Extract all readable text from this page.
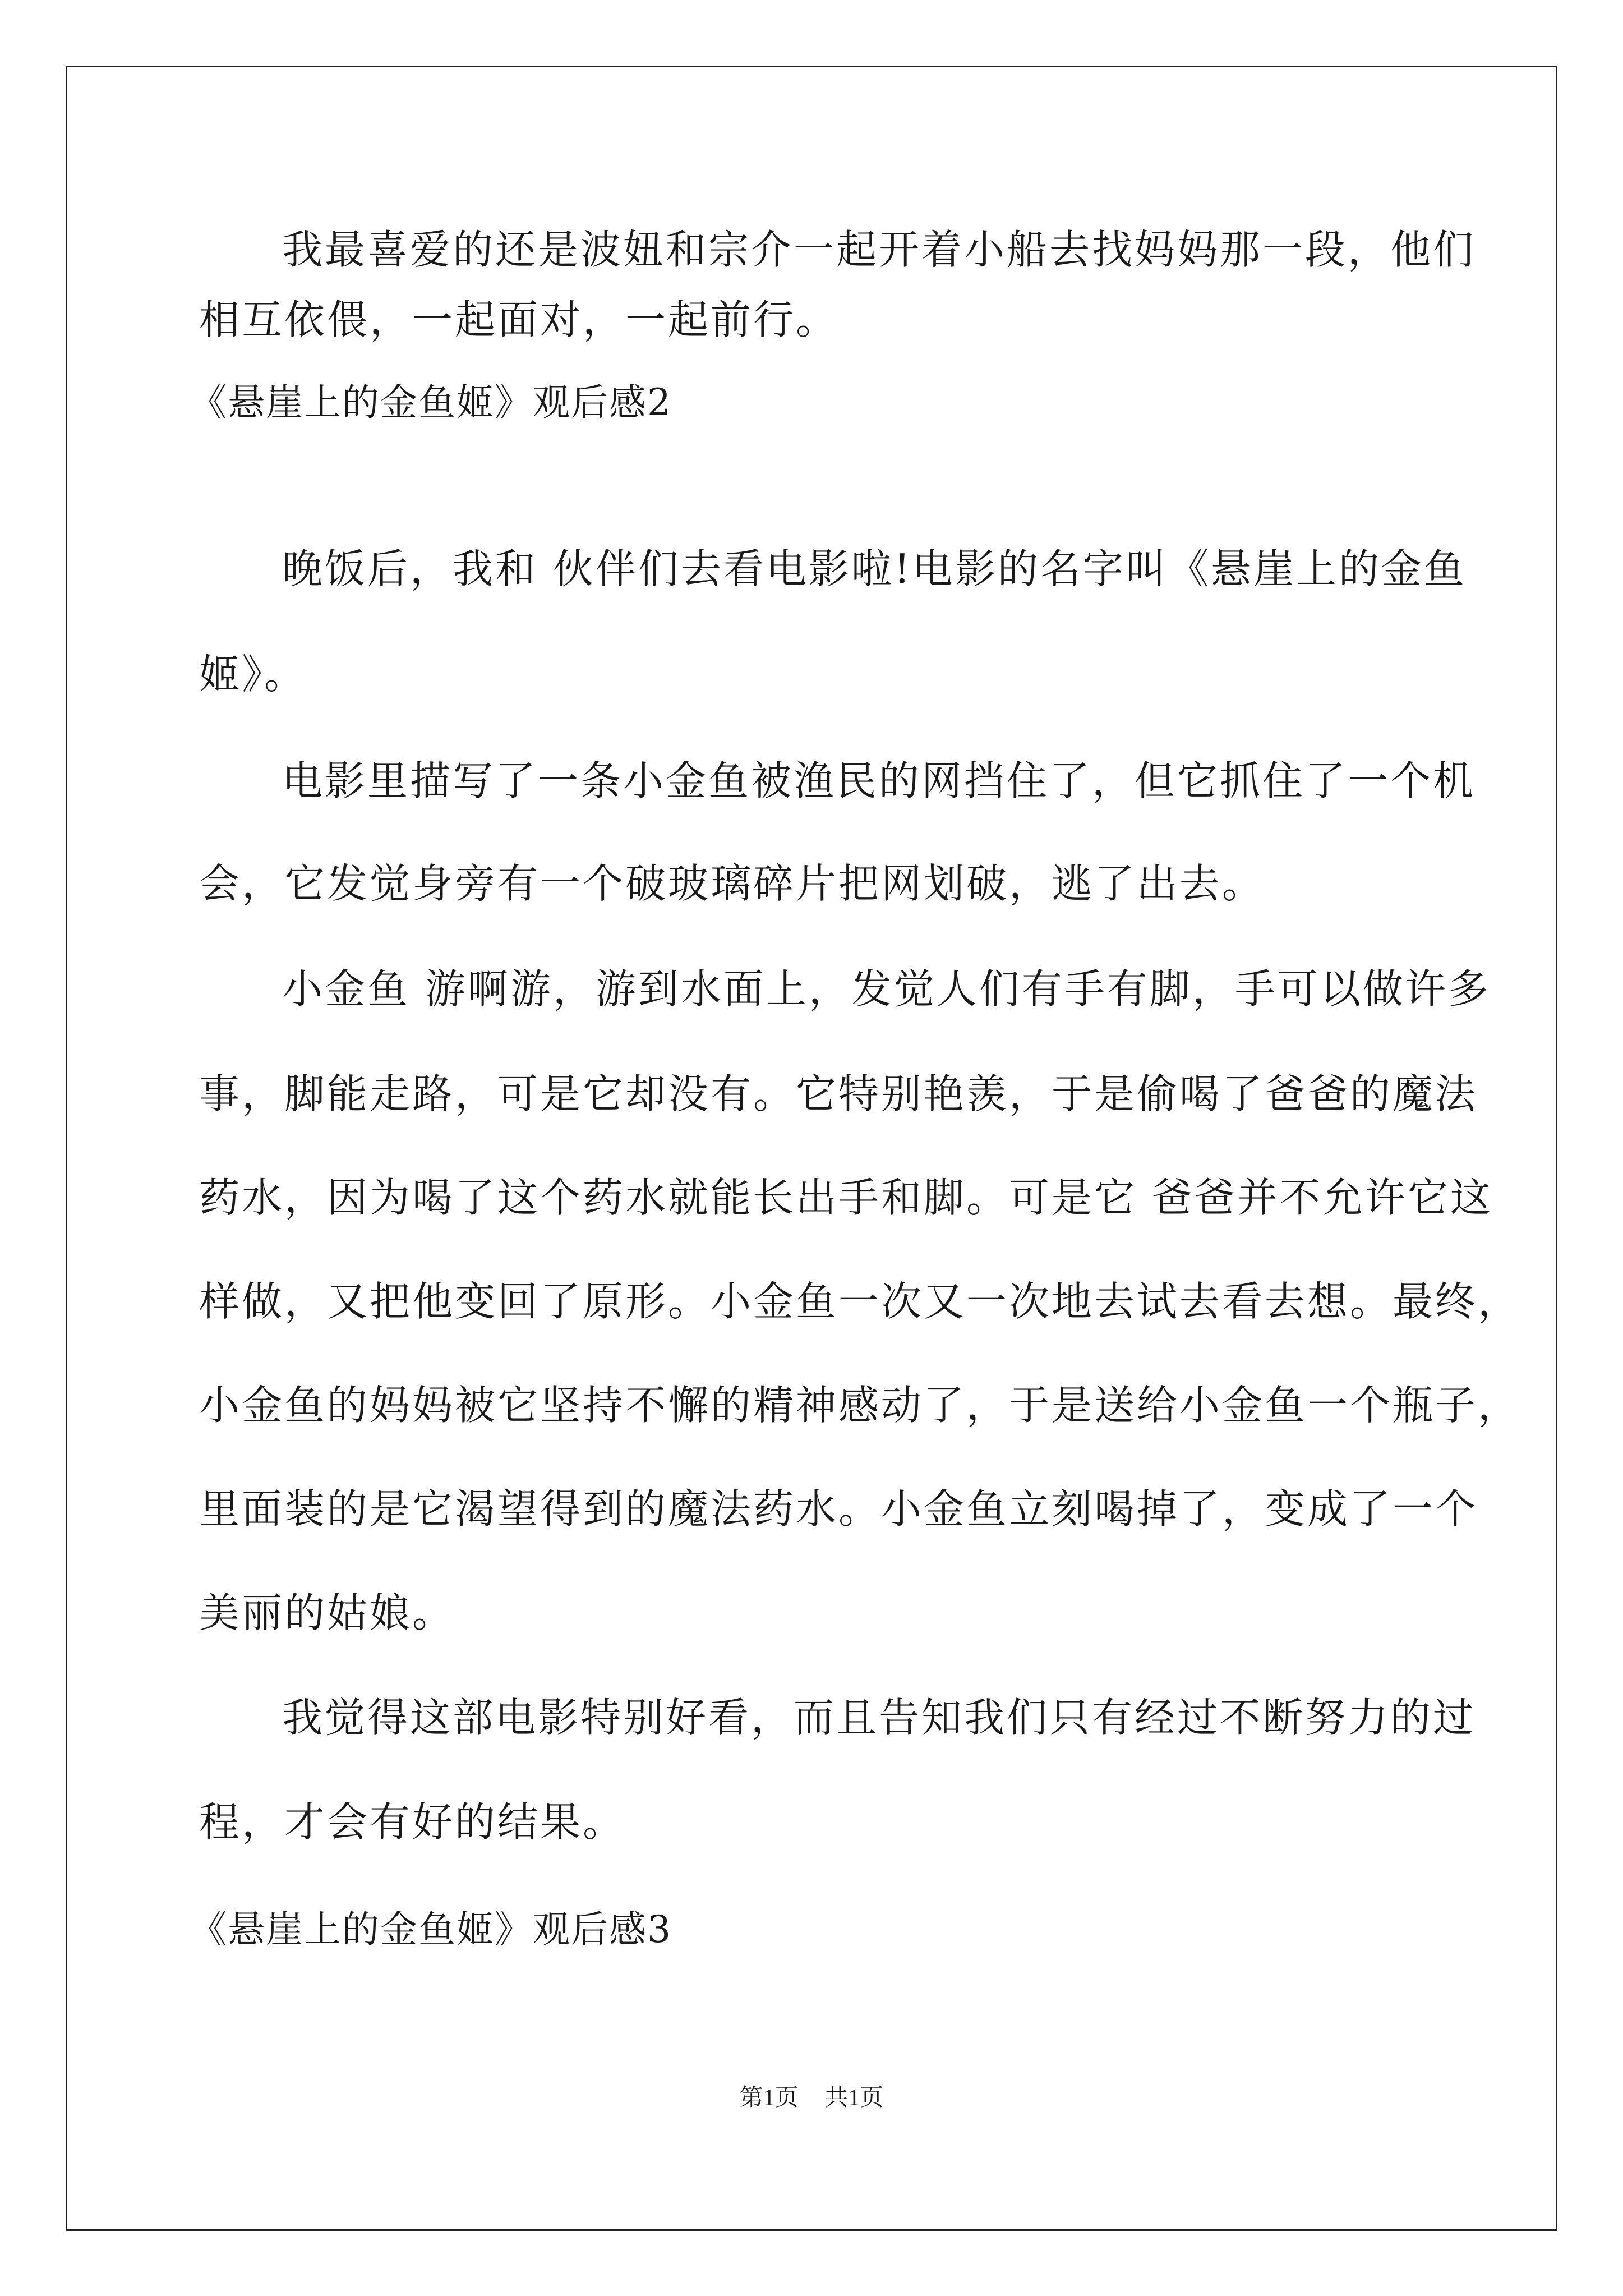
我最喜爱的还是波妞和宗介一起开着小船去找妈妈那一段，他们

相互依偎，一起面对，一起前行。

《悬崖上的金鱼姬》观后感2

晚饭后，我和 伙伴们去看电影啦!电影的名字叫《悬崖上的金鱼

姬》。

电影里描写了一条小金鱼被渔民的网挡住了，但它抓住了一个机

会，它发觉身旁有一个破玻璃碎片把网划破，逃了出去。

小金鱼 游啊游，游到水面上，发觉人们有手有脚，手可以做许多

事，脚能走路，可是它却没有。它特别艳羡，于是偷喝了爸爸的魔法

药水，因为喝了这个药水就能长出手和脚。可是它 爸爸并不允许它这

样做，又把他变回了原形。小金鱼一次又一次地去试去看去想。最终，

小金鱼的妈妈被它坚持不懈的精神感动了，于是送给小金鱼一个瓶子，

里面装的是它渴望得到的魔法药水。小金鱼立刻喝掉了，变成了一个

美丽的姑娘。

我觉得这部电影特别好看，而且告知我们只有经过不断努力的过

程，才会有好的结果。

《悬崖上的金鱼姬》观后感3

第1页 共1页
